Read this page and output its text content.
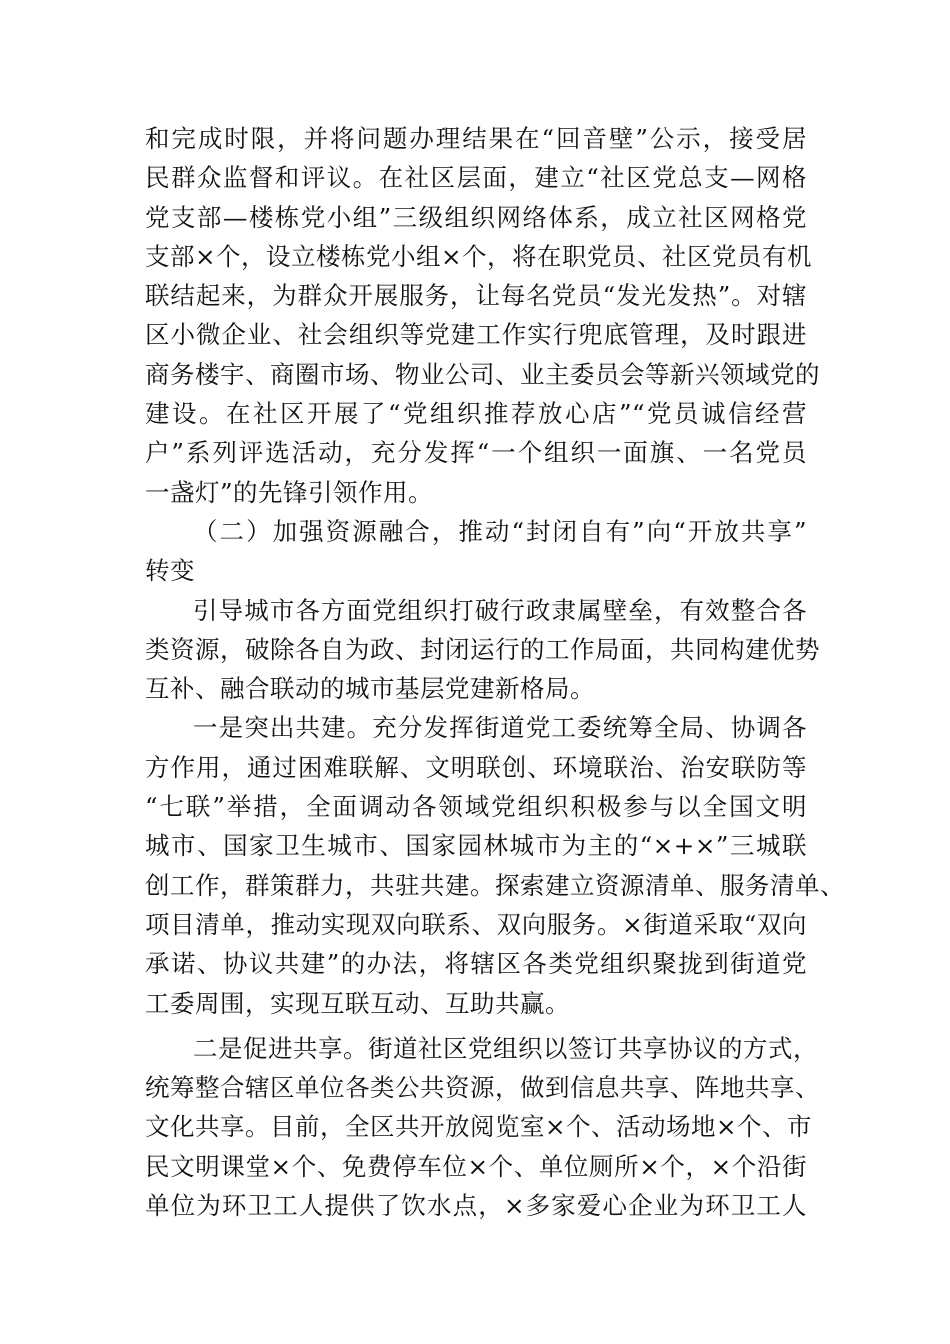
和完成时限，并将问题办理结果在“回音壁”公示，接受居
民群众监督和评议。在社区层面，建立“社区党总支—网格
党支部—楼栋党小组”三级组织网络体系，成立社区网格党
支部×个，设立楼栋党小组×个，将在职党员、社区党员有机
联结起来，为群众开展服务，让每名党员“发光发热”。对辖
区小微企业、社会组织等党建工作实行兜底管理，及时跟进
商务楼宇、商圈市场、物业公司、业主委员会等新兴领域党的
建设。在社区开展了“党组织推荐放心店”“党员诚信经营
户”系列评选活动，充分发挥“一个组织一面旗、一名党员
一盏灯”的先锋引领作用。
（二）加强资源融合，推动“封闭自有”向“开放共享”
转变
引导城市各方面党组织打破行政隶属壁垒，有效整合各
类资源，破除各自为政、封闭运行的工作局面，共同构建优势
互补、融合联动的城市基层党建新格局。
一是突出共建。充分发挥街道党工委统筹全局、协调各
方作用，通过困难联解、文明联创、环境联治、治安联防等
“七联”举措，全面调动各领域党组织积极参与以全国文明
城市、国家卫生城市、国家园林城市为主的“×+×”三城联
创工作，群策群力，共驻共建。探索建立资源清单、服务清单、
项目清单，推动实现双向联系、双向服务。×街道采取“双向
承诺、协议共建”的办法，将辖区各类党组织聚拢到街道党
工委周围，实现互联互动、互助共赢。
二是促进共享。街道社区党组织以签订共享协议的方式，
统筹整合辖区单位各类公共资源，做到信息共享、阵地共享、
文化共享。目前，全区共开放阅览室×个、活动场地×个、市
民文明课堂×个、免费停车位×个、单位厕所×个，×个沿街
单位为环卫工人提供了饮水点，×多家爱心企业为环卫工人
